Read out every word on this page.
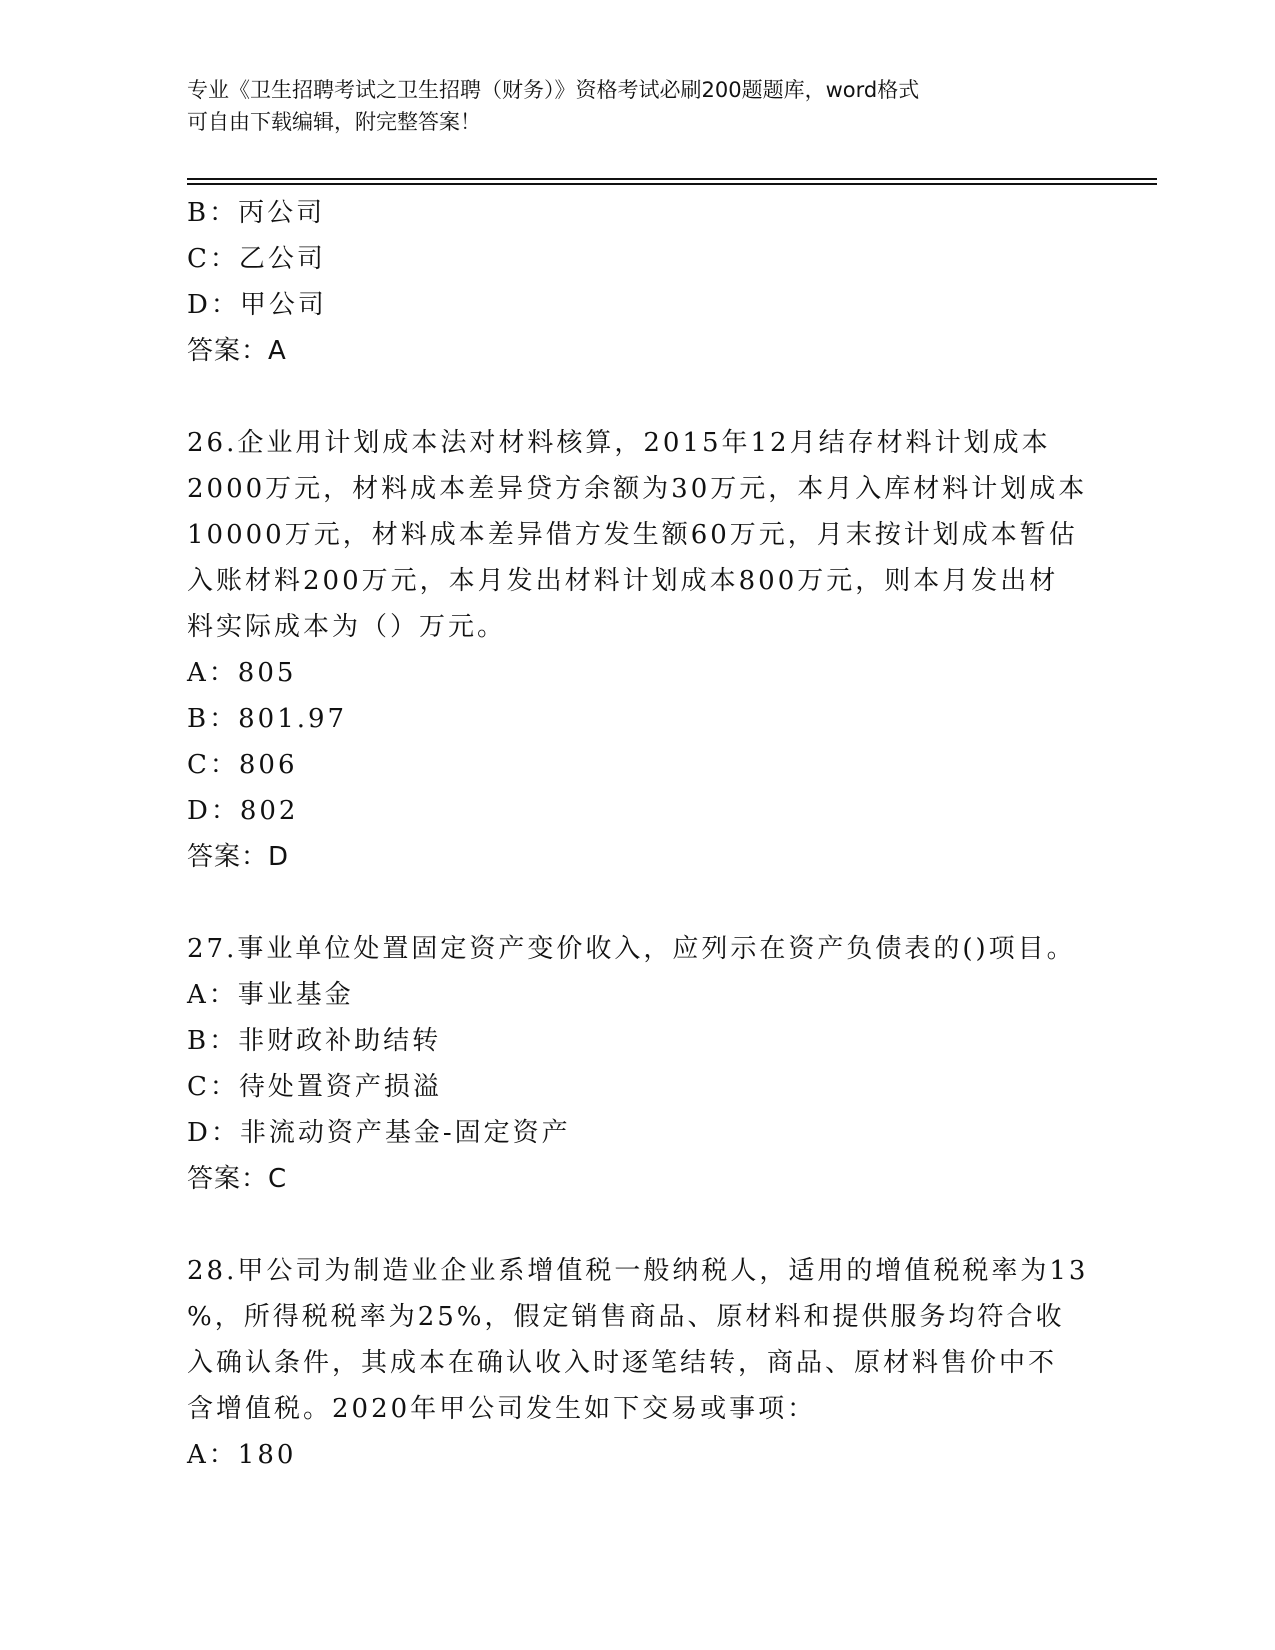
专业《卫生招聘考试之卫生招聘（财务）》资格考试必刷200题题库，word格式
可自由下载编辑，附完整答案！
B：丙公司
C：乙公司
D：甲公司
答案：A
26.企业用计划成本法对材料核算，2015年12月结存材料计划成本
2000万元，材料成本差异贷方余额为30万元，本月入库材料计划成本
10000万元，材料成本差异借方发生额60万元，月末按计划成本暂估
入账材料200万元，本月发出材料计划成本800万元，则本月发出材
料实际成本为（）万元。
A：805
B：801.97
C：806
D：802
答案：D
27.事业单位处置固定资产变价收入，应列示在资产负债表的()项目。
A：事业基金
B：非财政补助结转
C：待处置资产损溢
D：非流动资产基金-固定资产
答案：C
28.甲公司为制造业企业系增值税一般纳税人，适用的增值税税率为13
%，所得税税率为25%，假定销售商品、原材料和提供服务均符合收
入确认条件，其成本在确认收入时逐笔结转，商品、原材料售价中不
含增值税。2020年甲公司发生如下交易或事项：
A：180
